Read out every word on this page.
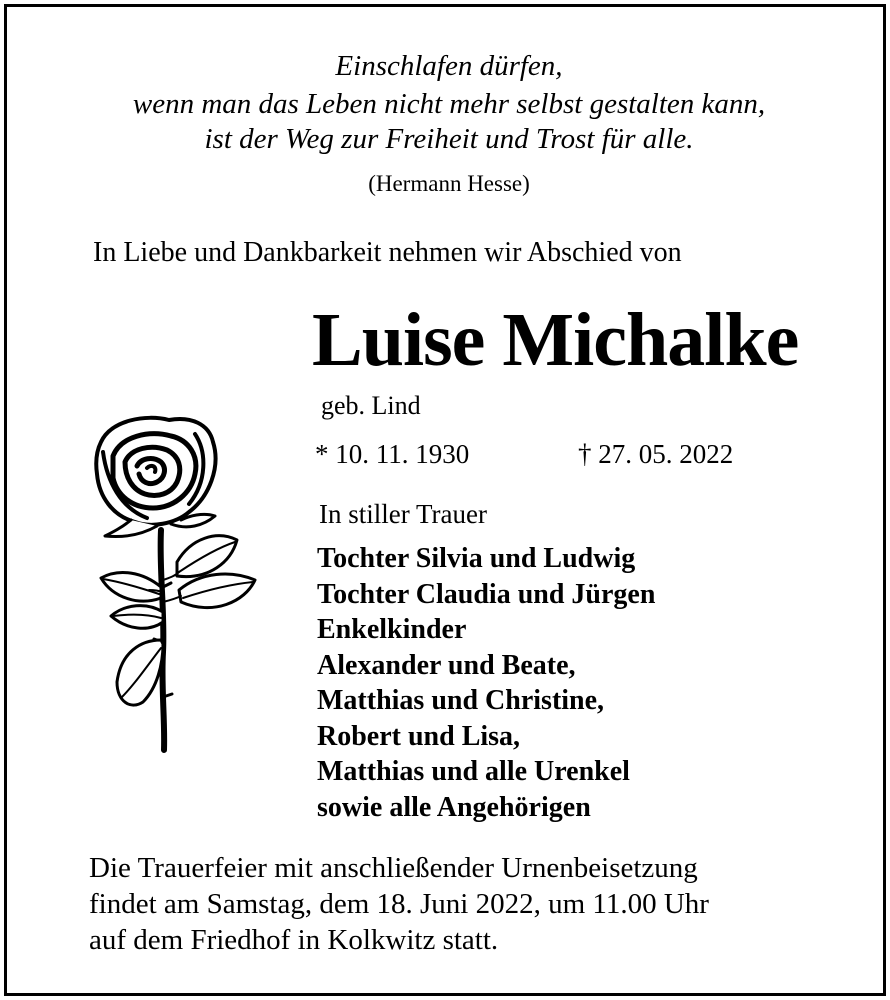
Einschlafen dürfen,
wenn man das Leben nicht mehr selbst gestalten kann,
ist der Weg zur Freiheit und Trost für alle.
(Hermann Hesse)
In Liebe und Dankbarkeit nehmen wir Abschied von
Luise Michalke
geb. Lind
* 10. 11. 1930	† 27. 05. 2022
In stiller Trauer
Tochter Silvia und Ludwig
Tochter Claudia und Jürgen
Enkelkinder
Alexander und Beate,
Matthias und Christine,
Robert und Lisa,
Matthias und alle Urenkel
sowie alle Angehörigen
Die Trauerfeier mit anschließender Urnenbeisetzung
findet am Samstag, dem 18. Juni 2022, um 11.00 Uhr
auf dem Friedhof in Kolkwitz statt.
